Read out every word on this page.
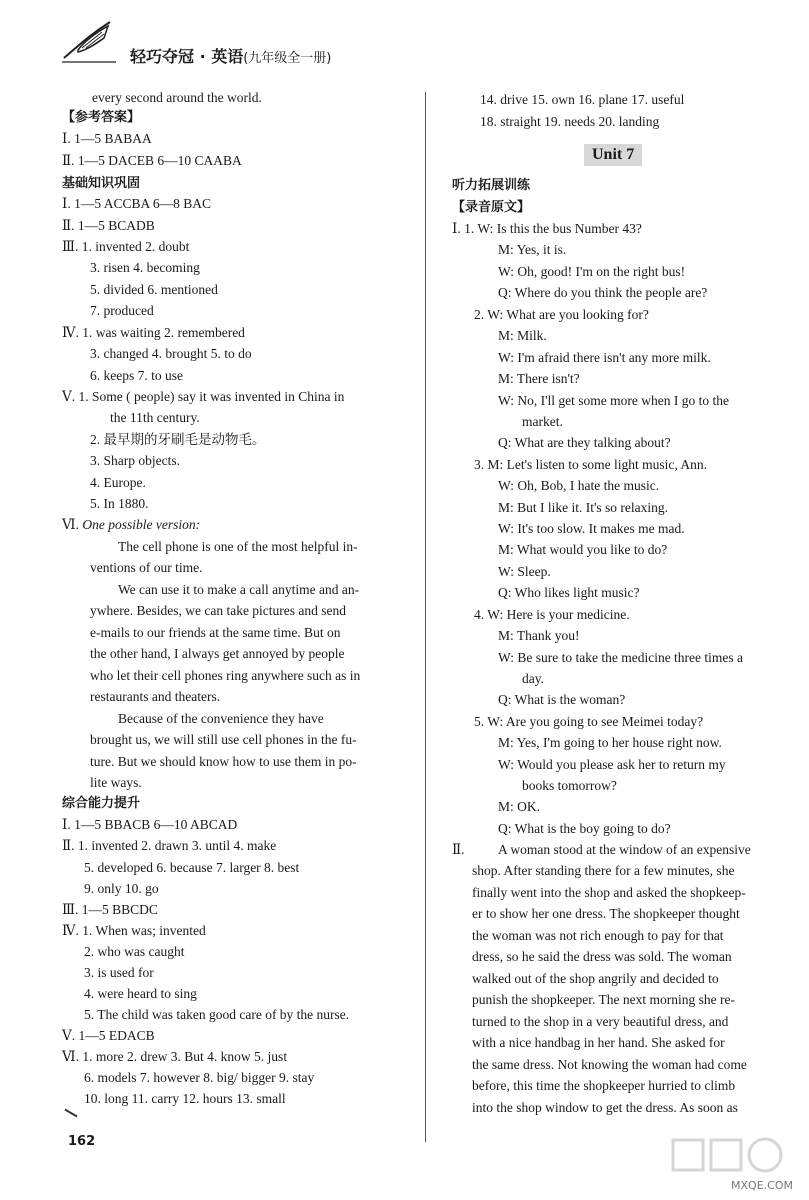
轻巧夺冠 · 英语(九年级全一册)
every second around the world.
【参考答案】
Ⅰ. 1—5 BABAA
Ⅱ. 1—5 DACEB 6—10 CAABA
基础知识巩固
Ⅰ. 1—5 ACCBA 6—8 BAC
Ⅱ. 1—5 BCADB
Ⅲ. 1. invented 2. doubt
3. risen 4. becoming
5. divided 6. mentioned
7. produced
Ⅳ. 1. was waiting 2. remembered
3. changed 4. brought 5. to do
6. keeps 7. to use
Ⅴ. 1. Some ( people) say it was invented in China in
the 11th century.
2. 最早期的牙刷毛是动物毛。
3. Sharp objects.
4. Europe.
5. In 1880.
Ⅵ. One possible version:
The cell phone is one of the most helpful in-
ventions of our time.
We can use it to make a call anytime and an-
ywhere. Besides, we can take pictures and send
e-mails to our friends at the same time. But on
the other hand, I always get annoyed by people
who let their cell phones ring anywhere such as in
restaurants and theaters.
Because of the convenience they have
brought us, we will still use cell phones in the fu-
ture. But we should know how to use them in po-
lite ways.
综合能力提升
Ⅰ. 1—5 BBACB 6—10 ABCAD
Ⅱ. 1. invented 2. drawn 3. until 4. make
5. developed 6. because 7. larger 8. best
9. only 10. go
Ⅲ. 1—5 BBCDC
Ⅳ. 1. When was; invented
2. who was caught
3. is used for
4. were heard to sing
5. The child was taken good care of by the nurse.
Ⅴ. 1—5 EDACB
Ⅵ. 1. more 2. drew 3. But 4. know 5. just
6. models 7. however 8. big/ bigger 9. stay
10. long 11. carry 12. hours 13. small
Unit 7
14. drive 15. own 16. plane 17. useful
18. straight 19. needs 20. landing
听力拓展训练
【录音原文】
Ⅰ. 1. W: Is this the bus Number 43?
M: Yes, it is.
W: Oh, good! I'm on the right bus!
Q: Where do you think the people are?
2. W: What are you looking for?
M: Milk.
W: I'm afraid there isn't any more milk.
M: There isn't?
W: No, I'll get some more when I go to the
market.
Q: What are they talking about?
3. M: Let's listen to some light music, Ann.
W: Oh, Bob, I hate the music.
M: But I like it. It's so relaxing.
W: It's too slow. It makes me mad.
M: What would you like to do?
W: Sleep.
Q: Who likes light music?
4. W: Here is your medicine.
M: Thank you!
W: Be sure to take the medicine three times a
day.
Q: What is the woman?
5. W: Are you going to see Meimei today?
M: Yes, I'm going to her house right now.
W: Would you please ask her to return my
books tomorrow?
M: OK.
Q: What is the boy going to do?
Ⅱ. A woman stood at the window of an expensive
shop. After standing there for a few minutes, she
finally went into the shop and asked the shopkeep-
er to show her one dress. The shopkeeper thought
the woman was not rich enough to pay for that
dress, so he said the dress was sold. The woman
walked out of the shop angrily and decided to
punish the shopkeeper. The next morning she re-
turned to the shop in a very beautiful dress, and
with a nice handbag in her hand. She asked for
the same dress. Not knowing the woman had come
before, this time the shopkeeper hurried to climb
into the shop window to get the dress. As soon as
162
MXQE.COM
